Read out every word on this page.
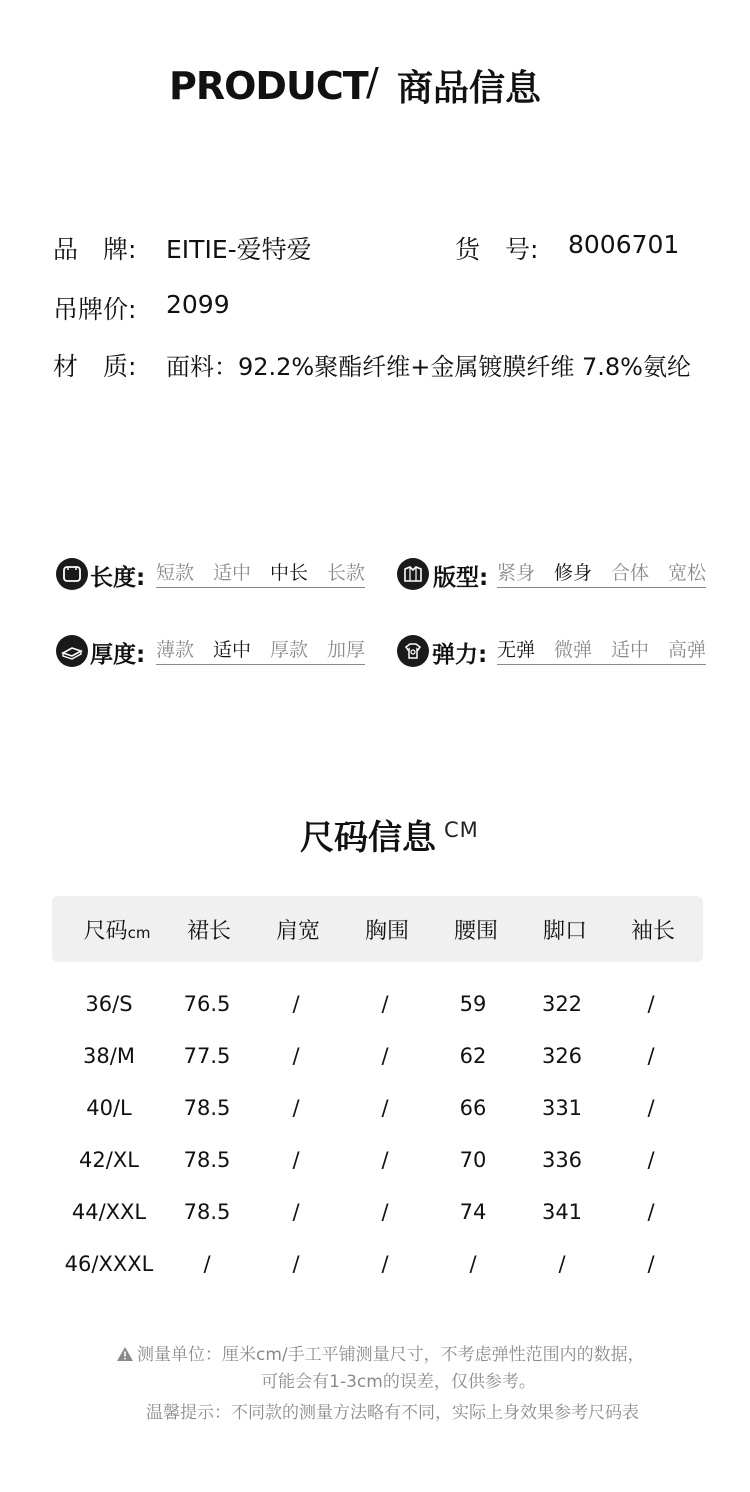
PRODUCT
/ 商品信息
品　牌: EITIE-爱特爱	货　号: 8006701
吊牌价: 2099
材　质: 面料：92.2%聚酯纤维+金属镀膜纤维 7.8%氨纶
长度: 短款 适中 中长 长款	版型: 紧身 修身 合体 宽松
厚度: 薄款 适中 厚款 加厚	弹力: 无弹 微弹 适中 高弹
尺码信息 CM
尺码cm 裙长 肩宽 胸围 腰围 脚口 袖长
36/S 76.5	/	/	59	322	/
38/M 77.5	/	/	62	326	/
40/L 78.5	/	/	66	331	/
42/XL 78.5	/	/	70	336	/
44/XXL 78.5	/	/	74	341	/
46/XXXL /	/	/	/	/	/
测量单位：厘米cm/手工平铺测量尺寸，不考虑弹性范围内的数据，
可能会有1-3cm的误差，仅供参考。
温馨提示：不同款的测量方法略有不同，实际上身效果参考尺码表
